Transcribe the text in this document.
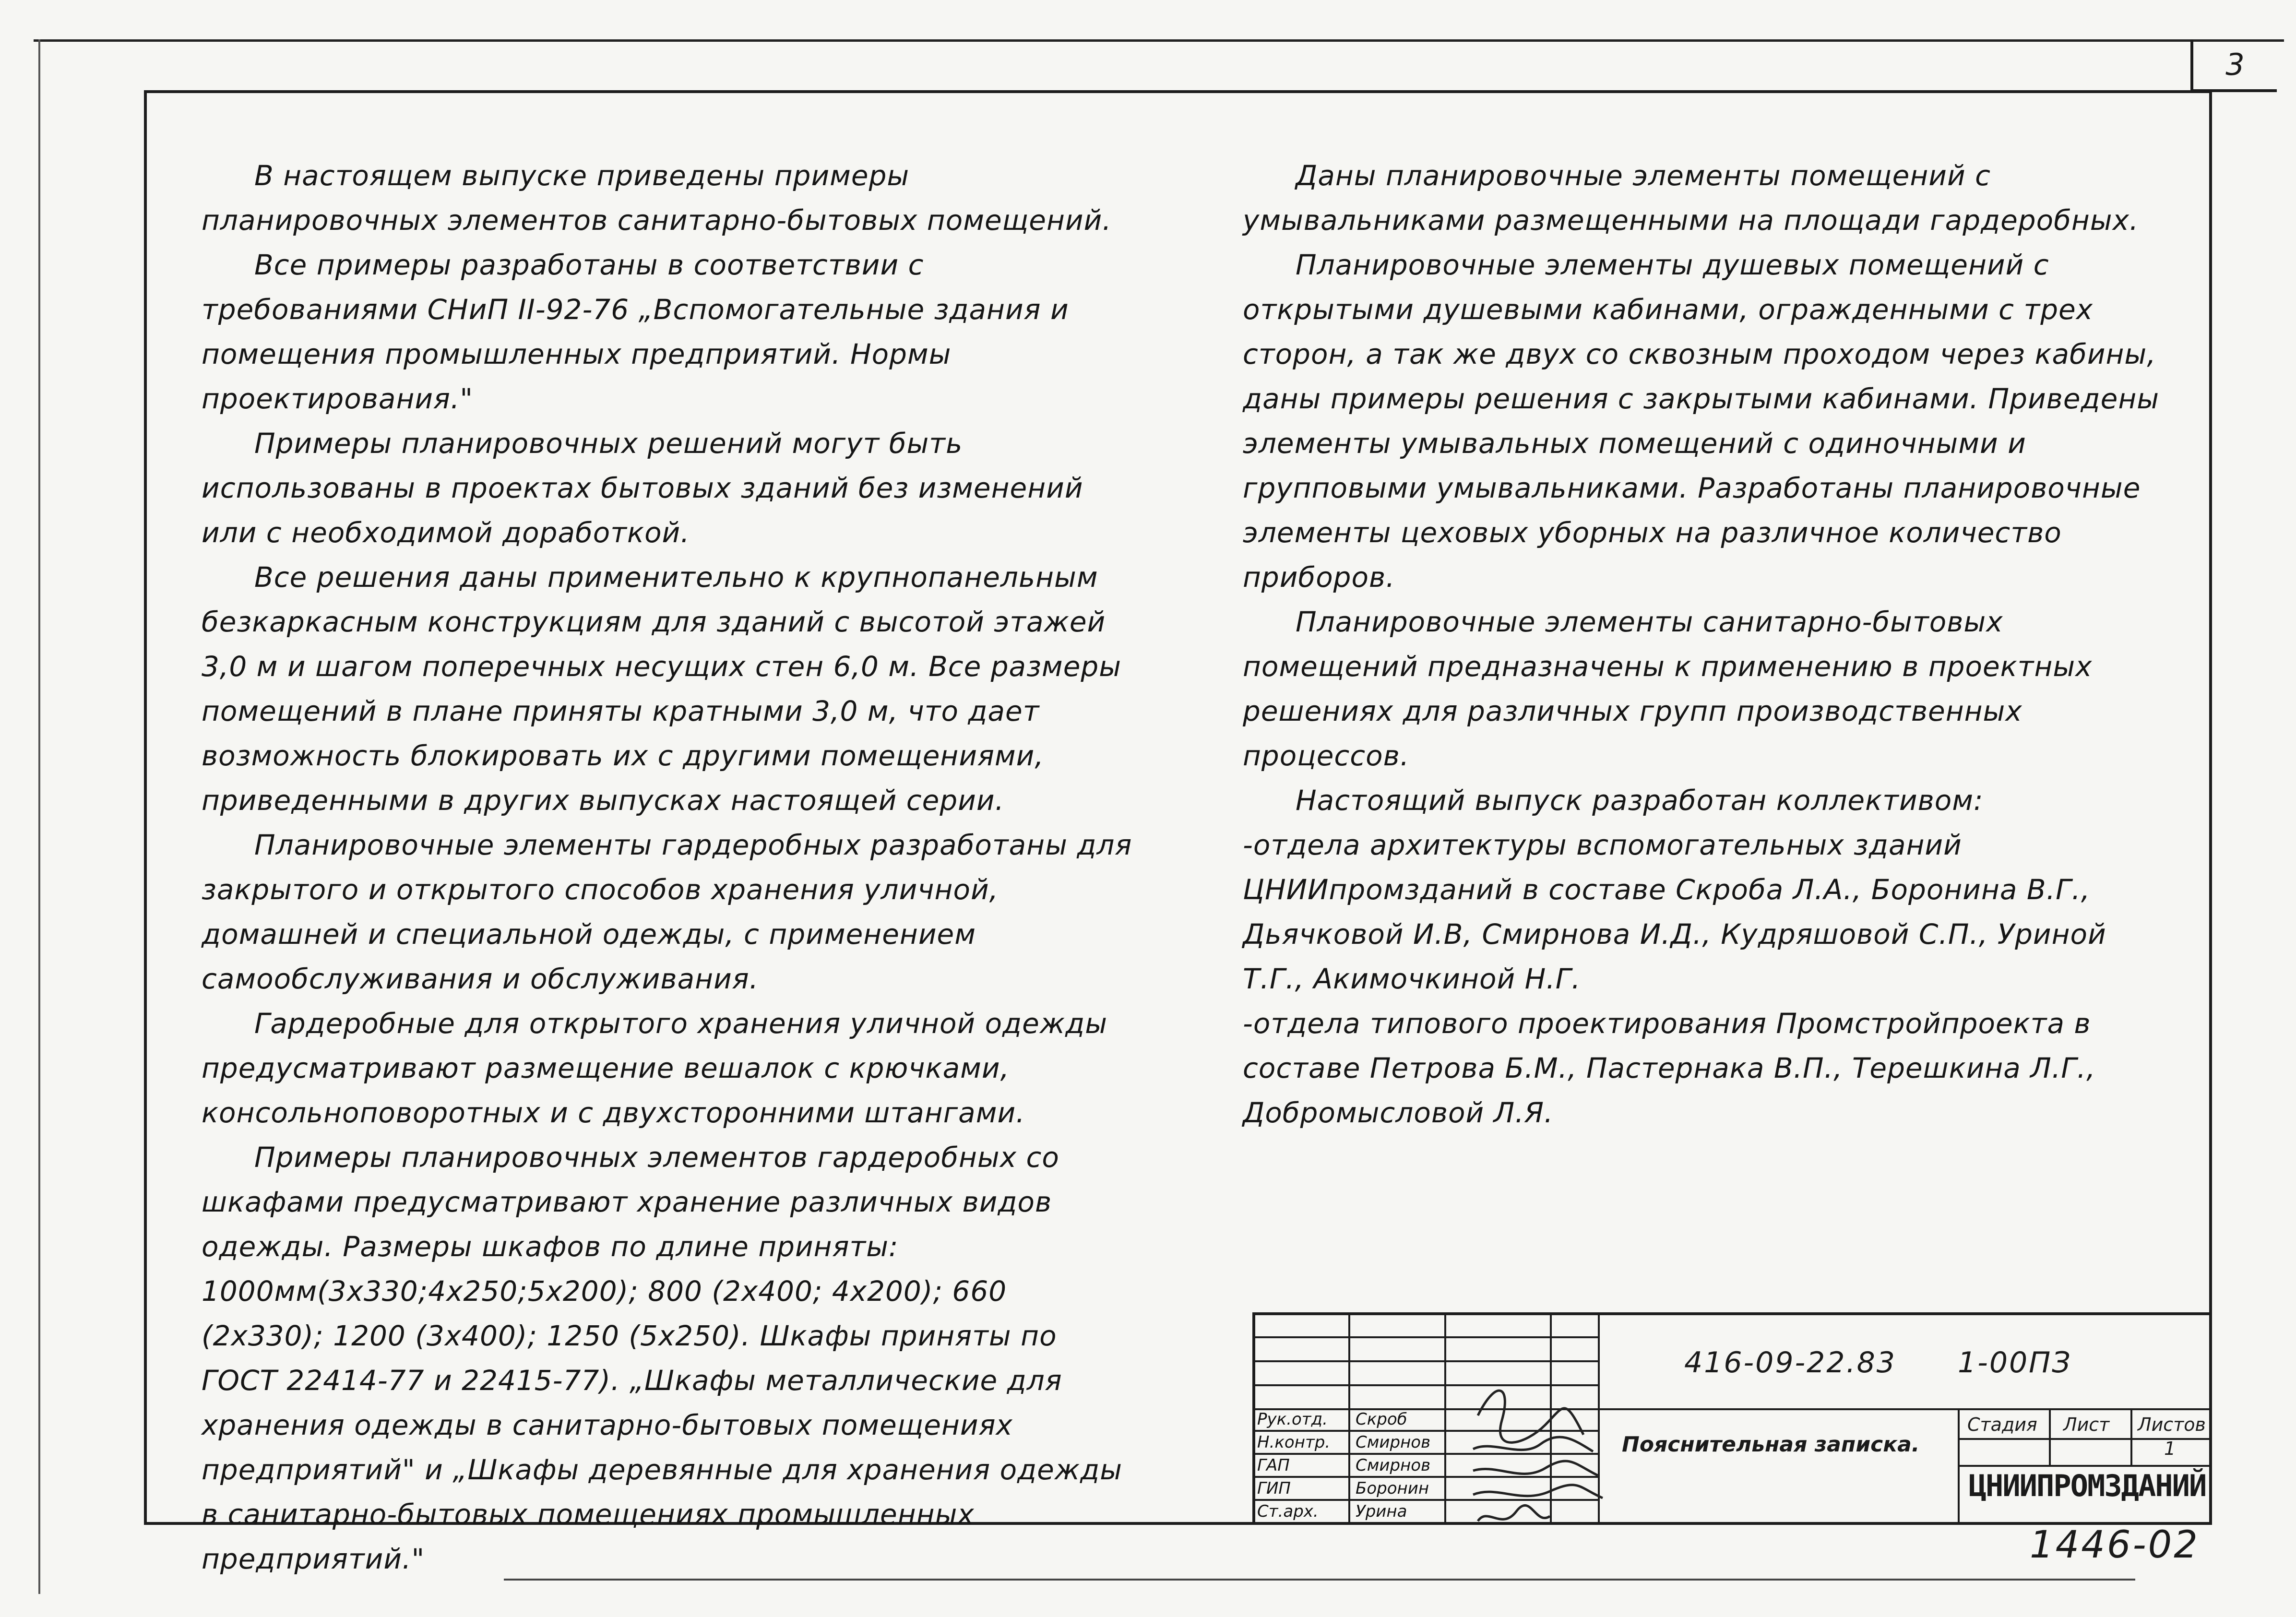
3

В настоящем выпуске приведены примеры планировочных элементов санитарно-бытовых помещений.

Все примеры разработаны в соответствии с требованиями СНиП II-92-76 „Вспомогательные здания и помещения промышленных предприятий. Нормы проектирования."

Примеры планировочных решений могут быть использованы в проектах бытовых зданий без изменений или с необходимой доработкой.

Все решения даны применительно к крупнопанельным безкаркасным конструкциям для зданий с высотой этажей 3,0 м и шагом поперечных несущих стен 6,0 м. Все размеры помещений в плане приняты кратными 3,0 м, что дает возможность блокировать их с другими помещениями, приведенными в других выпусках настоящей серии.

Планировочные элементы гардеробных разработаны для закрытого и открытого способов хранения уличной, домашней и специальной одежды, с применением самообслуживания и обслуживания.

Гардеробные для открытого хранения уличной одежды предусматривают размещение вешалок с крючками, консольноповоротных и с двухсторонними штангами.

Примеры планировочных элементов гардеробных со шкафами предусматривают хранение различных видов одежды. Размеры шкафов по длине приняты: 1000мм(3х330;4х250;5х200); 800 (2х400; 4х200); 660 (2х330); 1200 (3х400); 1250 (5х250). Шкафы приняты по ГОСТ 22414-77 и 22415-77). „Шкафы металлические для хранения одежды в санитарно-бытовых помещениях предприятий" и „Шкафы деревянные для хранения одежды в санитарно-бытовых помещениях промышленных предприятий."

Даны планировочные элементы помещений с умывальниками размещенными на площади гардеробных.

Планировочные элементы душевых помещений с открытыми душевыми кабинами, огражденными с трех сторон, а так же двух со сквозным проходом через кабины, даны примеры решения с закрытыми кабинами. Приведены элементы умывальных помещений с одиночными и групповыми умывальниками. Разработаны планировочные элементы цеховых уборных на различное количество приборов.

Планировочные элементы санитарно-бытовых помещений предназначены к применению в проектных решениях для различных групп производственных процессов.

Настоящий выпуск разработан коллективом:

-отдела архитектуры вспомогательных зданий ЦНИИпромзданий в составе Скроба Л.А., Боронина В.Г., Дьячковой И.В, Смирнова И.Д., Кудряшовой С.П., Уриной Т.Г., Акимочкиной Н.Г.

-отдела типового проектирования Промстройпроекта в составе Петрова Б.М., Пастернака В.П., Терешкина Л.Г., Добромысловой Л.Я.

Рук.отд. Скроб
Н.контр. Смирнов
ГАП	Смирнов
ГИП	Боронин
Ст.арх. Урина
416-09-22.83 1-00ПЗ
Пояснительная записка.
Стадия Лист Листов
1
ЦНИИПРОМЗДАНИЙ
1446-02
